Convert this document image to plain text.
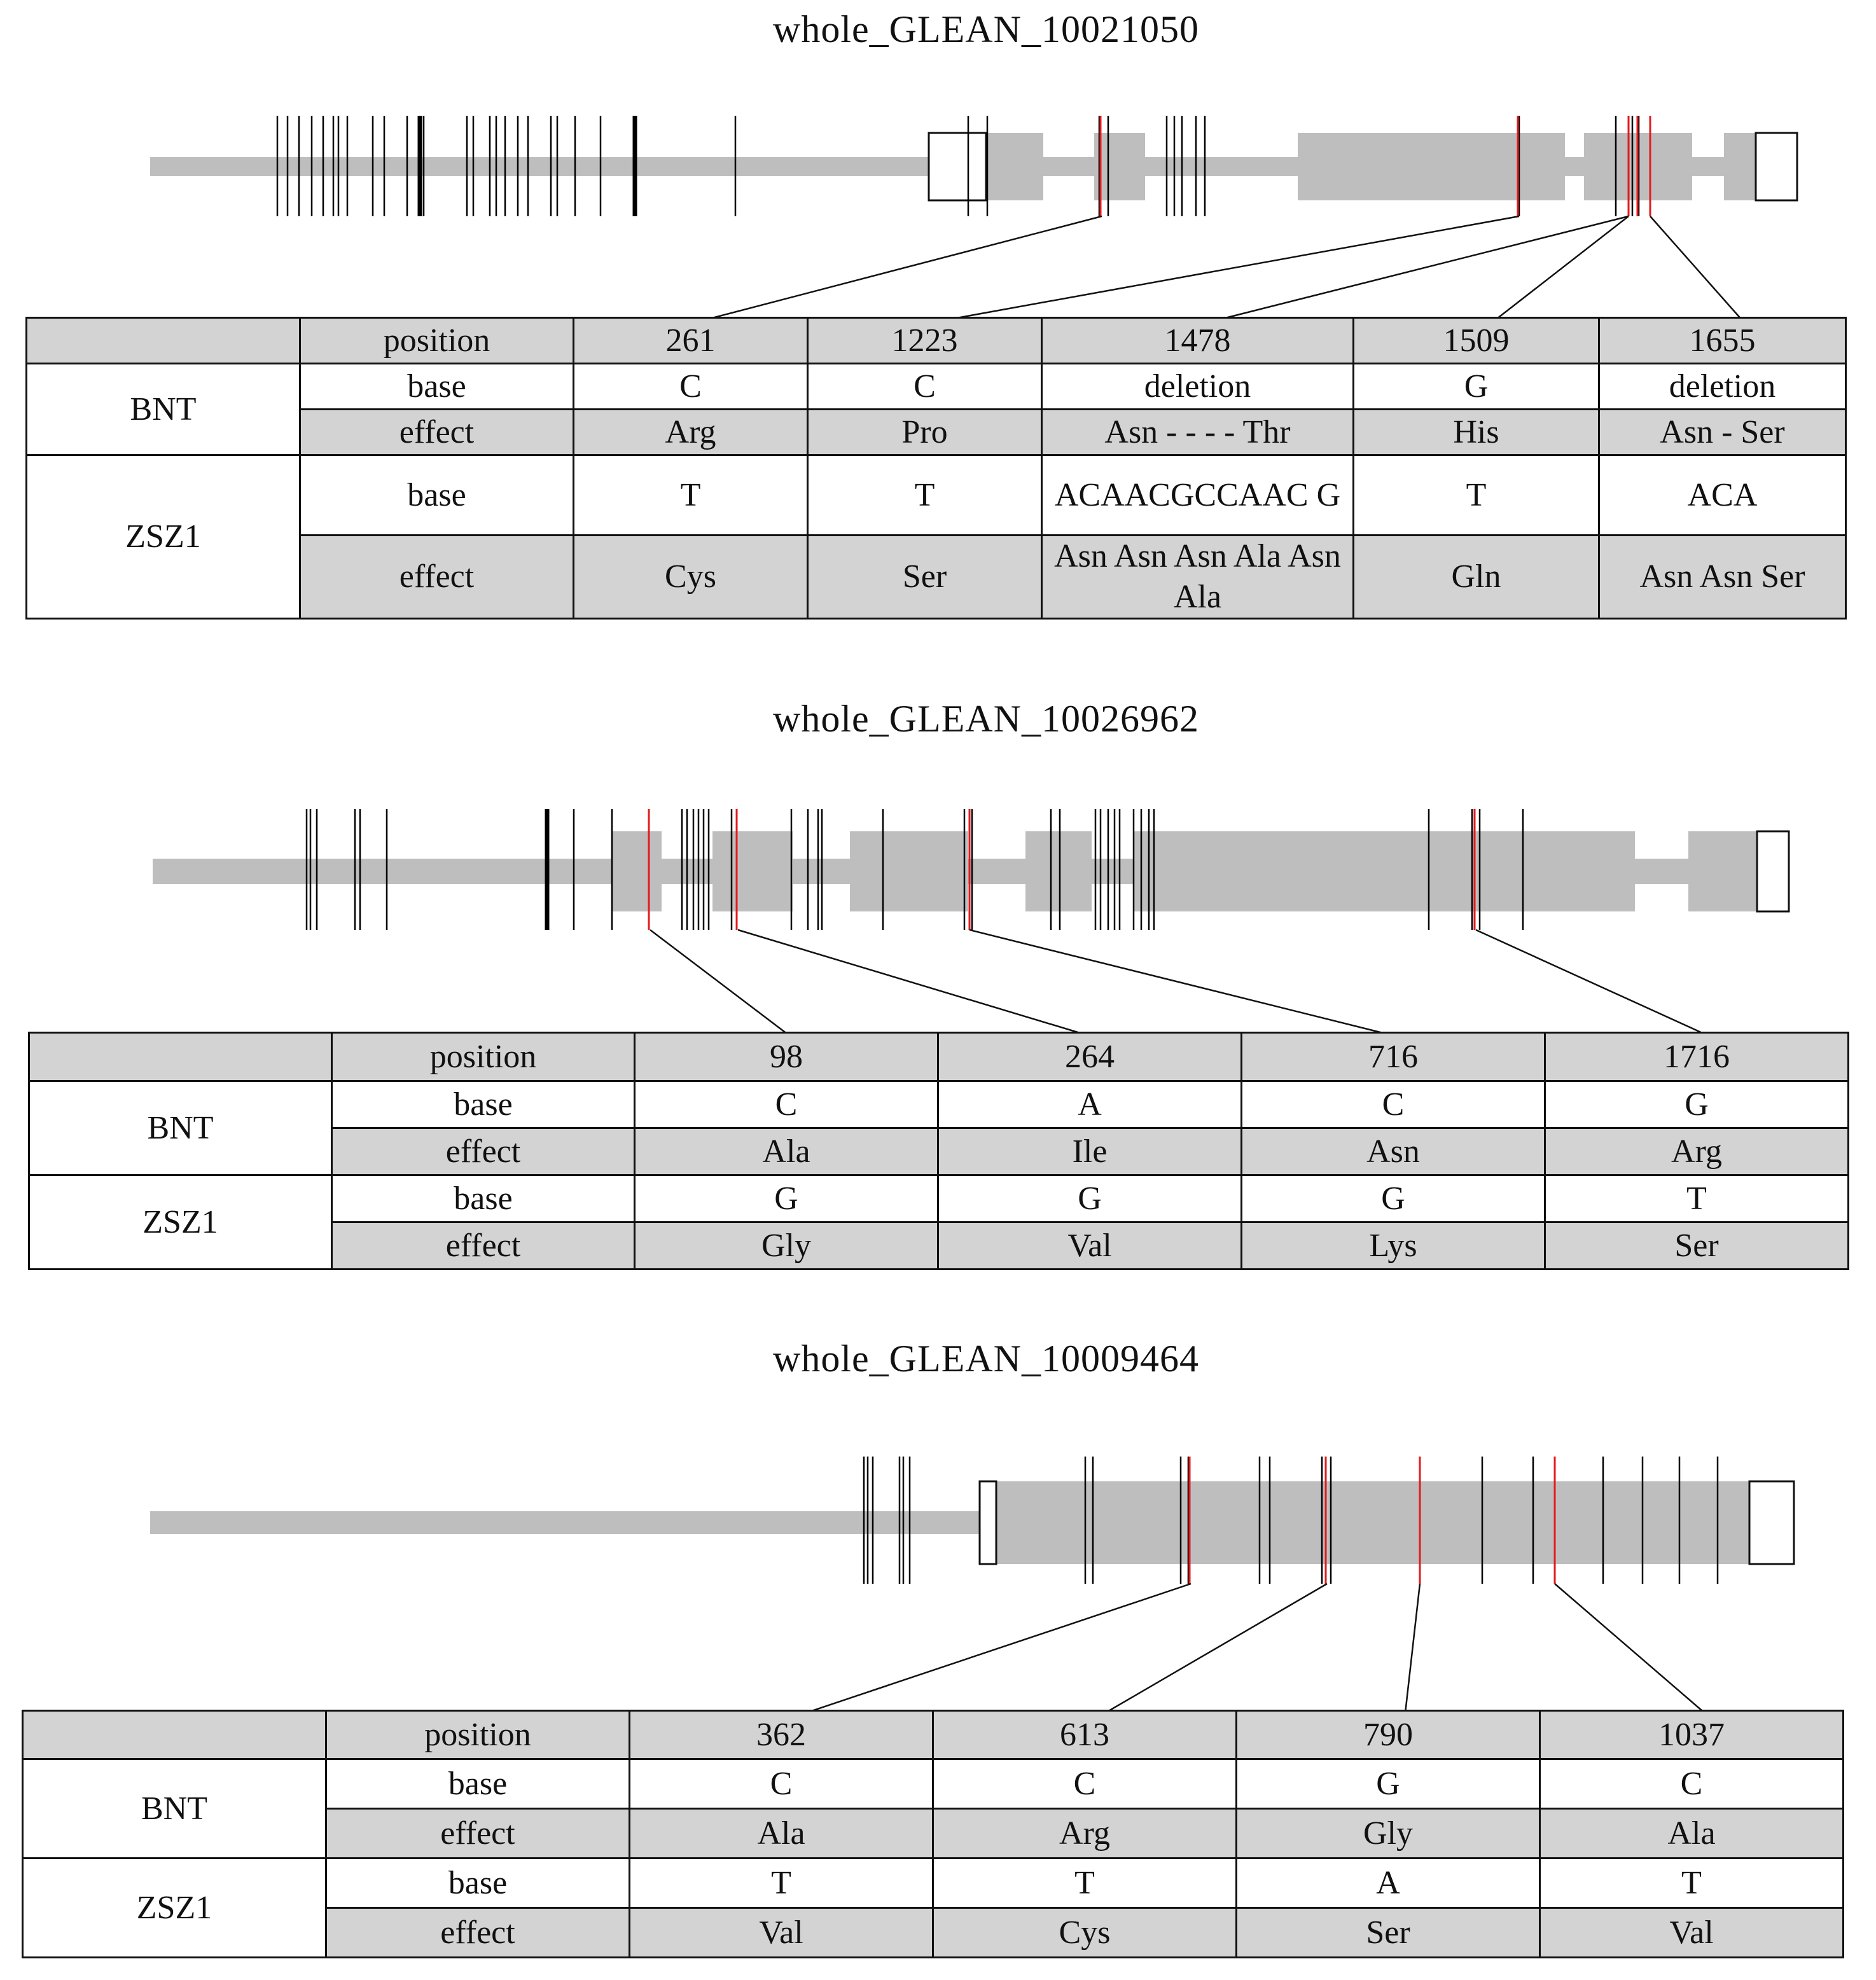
whole_GLEAN_10021050
	position	261	1223	1478	1509	1655
BNT	base	C	C	deletion	G	deletion
	effect	Arg	Pro	Asn - - - - Thr	His	Asn - Ser
ZSZ1	base	T	T	ACAACGCCAAC G	T	ACA
	effect	Cys	Ser	Asn Asn Asn Ala Asn Ala	Gln	Asn Asn Ser
whole_GLEAN_10026962
	position	98	264	716	1716
BNT	base	C	A	C	G
	effect	Ala	Ile	Asn	Arg
ZSZ1	base	G	G	G	T
	effect	Gly	Val	Lys	Ser
whole_GLEAN_10009464
	position	362	613	790	1037
BNT	base	C	C	G	C
	effect	Ala	Arg	Gly	Ala
ZSZ1	base	T	T	A	T
	effect	Val	Cys	Ser	Val
